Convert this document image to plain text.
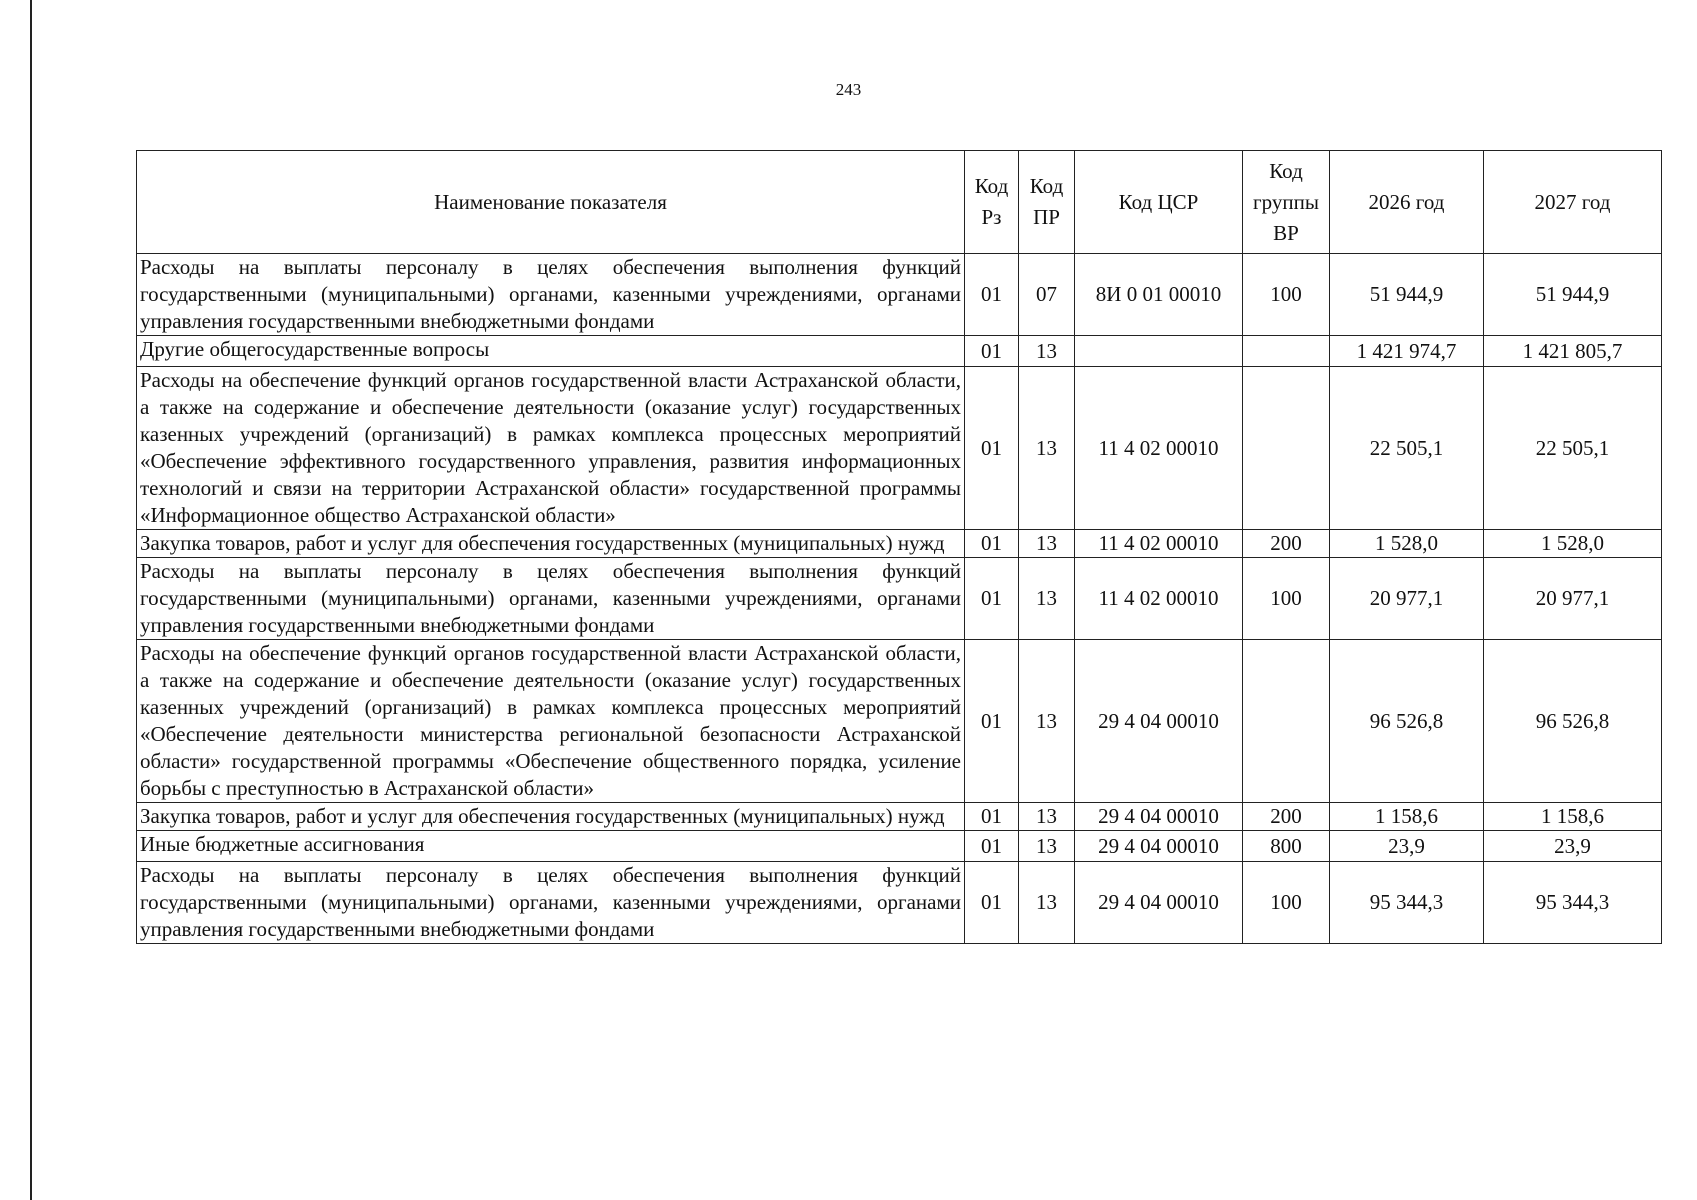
243
Наименование показателя	Код Рз	Код ПР	Код ЦСР	Код группы ВР	2026 год	2027 год
Расходы на выплаты персоналу в целях обеспечения выполнения функций государственными (муниципальными) органами, казенными учреждениями, органами управления государственными внебюджетными фондами	01	07	8И 0 01 00010	100	51 944,9	51 944,9
Другие общегосударственные вопросы	01	13			1 421 974,7	1 421 805,7
Расходы на обеспечение функций органов государственной власти Астраханской области, а также на содержание и обеспечение деятельности (оказание услуг) государственных казенных учреждений (организаций) в рамках комплекса процессных мероприятий «Обеспечение эффективного государственного управления, развития информационных технологий и связи на территории Астраханской области» государственной программы «Информационное общество Астраханской области»	01	13	11 4 02 00010		22 505,1	22 505,1
Закупка товаров, работ и услуг для обеспечения государственных (муниципальных) нужд	01	13	11 4 02 00010	200	1 528,0	1 528,0
Расходы на выплаты персоналу в целях обеспечения выполнения функций государственными (муниципальными) органами, казенными учреждениями, органами управления государственными внебюджетными фондами	01	13	11 4 02 00010	100	20 977,1	20 977,1
Расходы на обеспечение функций органов государственной власти Астраханской области, а также на содержание и обеспечение деятельности (оказание услуг) государственных казенных учреждений (организаций) в рамках комплекса процессных мероприятий «Обеспечение деятельности министерства региональной безопасности Астраханской области» государственной программы «Обеспечение общественного порядка, усиление борьбы с преступностью в Астраханской области»	01	13	29 4 04 00010		96 526,8	96 526,8
Закупка товаров, работ и услуг для обеспечения государственных (муниципальных) нужд	01	13	29 4 04 00010	200	1 158,6	1 158,6
Иные бюджетные ассигнования	01	13	29 4 04 00010	800	23,9	23,9
Расходы на выплаты персоналу в целях обеспечения выполнения функций государственными (муниципальными) органами, казенными учреждениями, органами управления государственными внебюджетными фондами	01	13	29 4 04 00010	100	95 344,3	95 344,3
